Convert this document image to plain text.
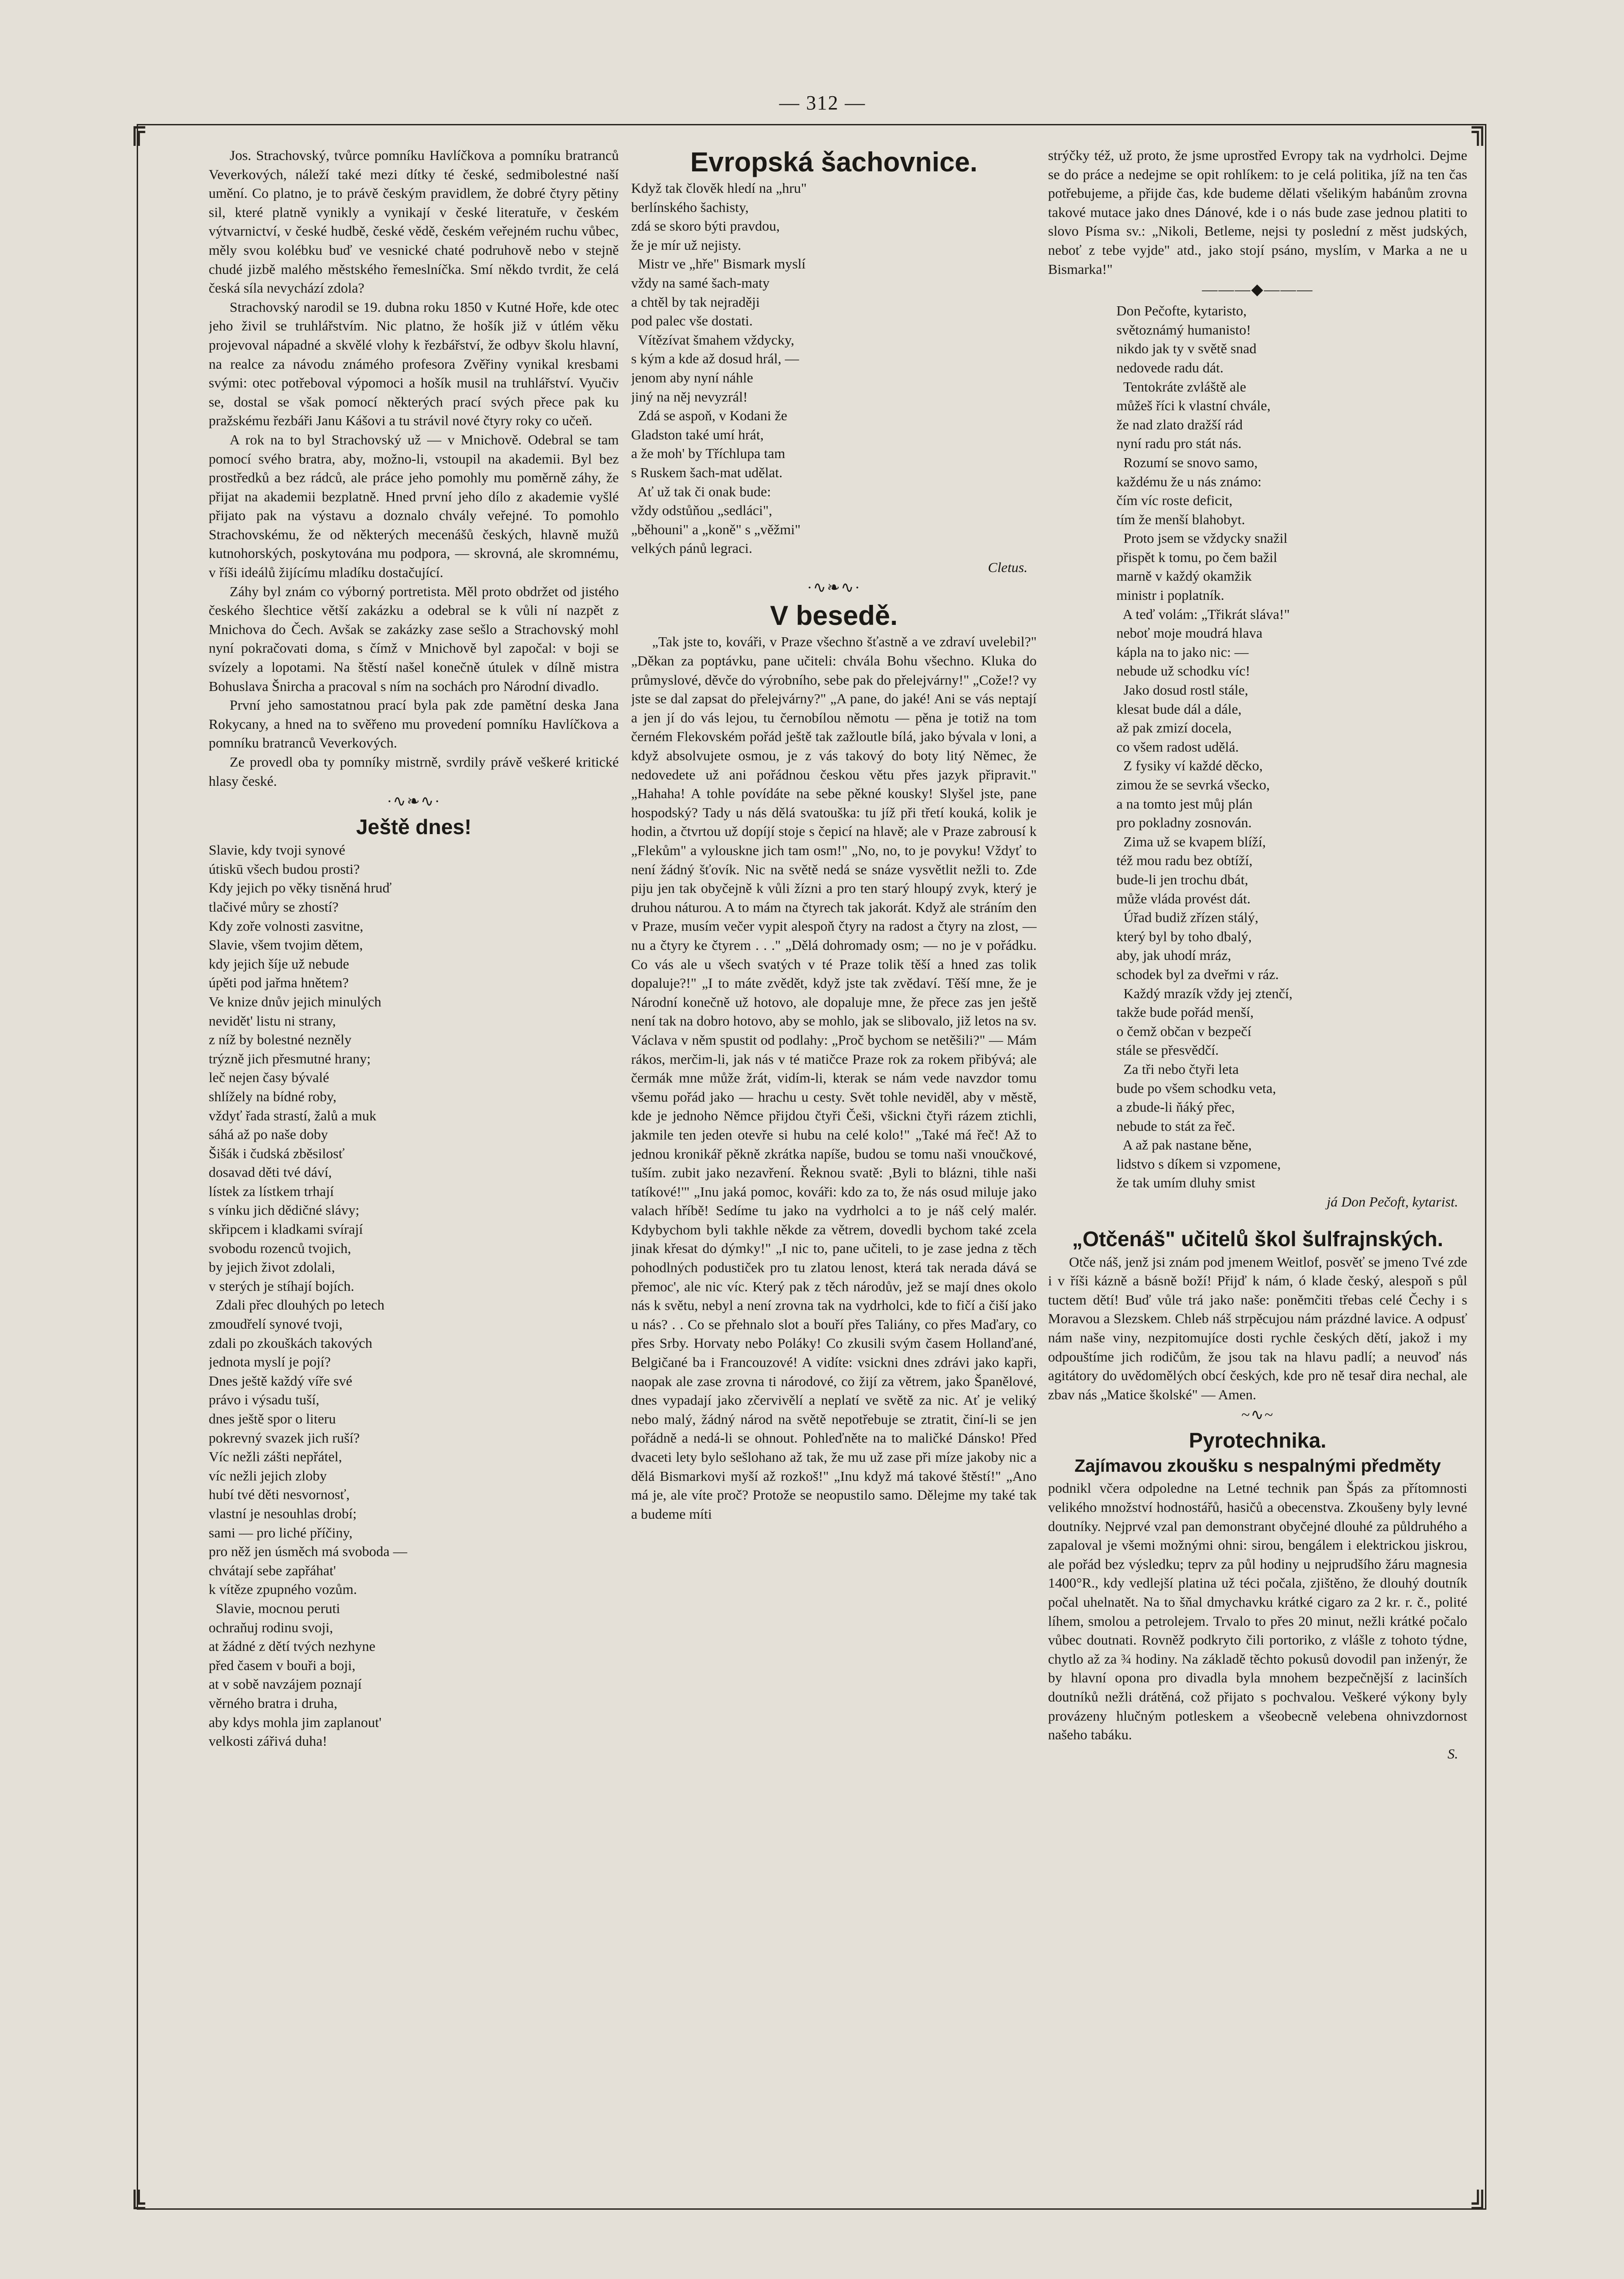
— 312 —
╔	╗
╚	╝

Jos. Strachovský, tvůrce pomníku Havlíčkova a pomníku bratranců Veverkových, náleží také mezi dítky té české, sedmibolestné naší umění. Co platno, je to právě českým pravidlem, že dobré čtyry pětiny sil, které platně vynikly a vynikají v české literatuře, v českém výtvarnictví, v české hudbě, české vědě, českém veřejném ruchu vůbec, měly svou kolébku buď ve vesnické chaté podruhově nebo v stejně chudé jizbě malého městského řemeslníčka. Smí někdo tvrdit, že celá česká síla nevychází zdola?

Strachovský narodil se 19. dubna roku 1850 v Kutné Hoře, kde otec jeho živil se truhlářstvím. Nic platno, že hošík již v útlém věku projevoval nápadné a skvělé vlohy k řezbářství, že odbyv školu hlavní, na realce za návodu známého profesora Zvěřiny vynikal kresbami svými: otec potřeboval výpomoci a hošík musil na truhlářství. Vyučiv se, dostal se však pomocí některých prací svých přece pak ku pražskému řezbáři Janu Kášovi a tu strávil nové čtyry roky co učeň.

A rok na to byl Strachovský už — v Mnichově. Odebral se tam pomocí svého bratra, aby, možno-li, vstoupil na akademii. Byl bez prostředků a bez rádců, ale práce jeho pomohly mu poměrně záhy, že přijat na akademii bezplatně. Hned první jeho dílo z akademie vyšlé přijato pak na výstavu a doznalo chvály veřejné. To pomohlo Strachovskému, že od některých mecenášů českých, hlavně mužů kutnohorských, poskytována mu podpora, — skrovná, ale skromnému, v říši ideálů žijícímu mladíku dostačující.

Záhy byl znám co výborný portretista. Měl proto obdržet od jistého českého šlechtice větší zakázku a odebral se k vůli ní nazpět z Mnichova do Čech. Avšak se zakázky zase sešlo a Strachovský mohl nyní pokračovati doma, s čímž v Mnichově byl započal: v boji se svízely a lopotami. Na štěstí našel konečně útulek v dílně mistra Bohuslava Šnircha a pracoval s ním na sochách pro Národní divadlo.

První jeho samostatnou prací byla pak zde pamětní deska Jana Rokycany, a hned na to svěřeno mu provedení pomníku Havlíčkova a pomníku bratranců Veverkových.

Ze provedl oba ty pomníky mistrně, svrdily právě veškeré kritické hlasy české.

·∿❧∿·
Ještě dnes!
Slavie, kdy tvoji synové
útiskū všech budou prosti?
Kdy jejich po věky tisněná hruď
tlačivé můry se zhostí?
Kdy zoře volnosti zasvitne,
Slavie, všem tvojim dětem,
kdy jejich šíje už nebude
úpěti pod jařma hnětem?
Ve knize dnův jejich minulých
nevidět' listu ni strany,
z níž by bolestné nezněly
trýzně jich přesmutné hrany;
leč nejen časy bývalé
shlížely na bídné roby,
vždyť řada strastí, žalů a muk
sáhá až po naše doby
Šišák i čudská zběsilosť
dosavad děti tvé dáví,
lístek za lístkem trhají
s vínku jich dědičné slávy;
skřipcem i kladkami svírají
svobodu rozenců tvojich,
by jejich život zdolali,
v sterých je stíhají bojích.
Zdali přec dlouhých po letech
zmoudřelí synové tvoji,
zdali po zkouškách takových
jednota myslí je pojí?
Dnes ještě každý víře své
právo i výsadu tuší,
dnes ještě spor o literu
pokrevný svazek jich ruší?
Víc nežli zášti nepřátel,
víc nežli jejich zloby
hubí tvé děti nesvornosť,
vlastní je nesouhlas drobí;
sami — pro liché příčiny,
pro něž jen úsměch má svoboda —
chvátají sebe zapřáhat'
k vítěze zpupného vozům.
Slavie, mocnou peruti
ochraňuj rodinu svoji,
at žádné z dětí tvých nezhyne
před časem v bouři a boji,
at v sobě navzájem poznají
věrného bratra i druha,
aby kdys mohla jim zaplanout'
velkosti zářivá duha!
Evropská šachovnice.
Když tak člověk hledí na „hru"
berlínského šachisty,
zdá se skoro býti pravdou,
že je mír už nejisty.
Mistr ve „hře" Bismark myslí
vždy na samé šach-maty
a chtěl by tak nejraději
pod palec vše dostati.
Vítězívat šmahem vždycky,
s kým a kde až dosud hrál, —
jenom aby nyní náhle
jiný na něj nevyzrál!
Zdá se aspoň, v Kodani že
Gladston také umí hrát,
a že moh' by Tříchlupa tam
s Ruskem šach-mat udělat.
Ať už tak či onak bude:
vždy odstůňou „sedláci",
„běhouni" a „koně" s „věžmi"
velkých pánů legraci.
Cletus.
·∿❧∿·
V besedě.

„Tak jste to, kováři, v Praze všechno šťastně a ve zdraví uvelebil?" „Děkan za poptávku, pane učiteli: chvála Bohu všechno. Kluka do průmyslové, děvče do výrobního, sebe pak do přelejvárny!" „Cože!? vy jste se dal zapsat do přelejvárny?" „A pane, do jaké! Ani se vás neptají a jen jí do vás lejou, tu černobílou němotu — pěna je totiž na tom černém Flekovském pořád ještě tak zažloutle bílá, jako bývala v loni, a když absolvujete osmou, je z vás takový do boty litý Němec, že nedovedete už ani pořádnou českou větu přes jazyk připravit." „Hahaha! A tohle povídáte na sebe pěkné kousky! Slyšel jste, pane hospodský? Tady u nás dělá svatouška: tu jíž při třetí kouká, kolik je hodin, a čtvrtou už dopíjí stoje s čepicí na hlavě; ale v Praze zabrousí k „Flekům" a vylouskne jich tam osm!" „No, no, to je povyku! Vždyť to není žádný šťovík. Nic na světě nedá se snáze vysvětlit nežli to. Zde piju jen tak obyčejně k vůli žízni a pro ten starý hloupý zvyk, který je druhou náturou. A to mám na čtyrech tak jakorát. Když ale stráním den v Praze, musím večer vypit alespoň čtyry na radost a čtyry na zlost, — nu a čtyry ke čtyrem . . ." „Dělá dohromady osm; — no je v pořádku. Co vás ale u všech svatých v té Praze tolik těší a hned zas tolik dopaluje?!" „I to máte zvědět, když jste tak zvědaví. Těší mne, že je Národní konečně už hotovo, ale dopaluje mne, že přece zas jen ještě není tak na dobro hotovo, aby se mohlo, jak se slibovalo, již letos na sv. Václava v něm spustit od podlahy: „Proč bychom se netěšili?" — Mám rákos, merčim-li, jak nás v té matičce Praze rok za rokem přibývá; ale čermák mne může žrát, vidím-li, kterak se nám vede navzdor tomu všemu pořád jako — hrachu u cesty. Svět tohle neviděl, aby v městě, kde je jednoho Němce přijdou čtyři Češi, všickni čtyři rázem ztichli, jakmile ten jeden otevře si hubu na celé kolo!" „Také má řeč! Až to jednou kronikář pěkně zkrátka napíše, budou se tomu naši vnoučkové, tuším. zubit jako nezavření. Řeknou svatě: ,Byli to blázni, tihle naši tatíkové!'" „Inu jaká pomoc, kováři: kdo za to, že nás osud miluje jako valach hříbě! Sedíme tu jako na vydrholci a to je náš celý malér. Kdybychom byli takhle někde za větrem, dovedli bychom také zcela jinak křesat do dýmky!" „I nic to, pane učiteli, to je zase jedna z těch pohodlných podustiček pro tu zlatou lenost, která tak nerada dává se přemoc', ale nic víc. Který pak z těch národův, jež se mají dnes okolo nás k světu, nebyl a není zrovna tak na vydrholci, kde to fičí a čiší jako u nás? . . Co se přehnalo slot a bouří přes Taliány, co přes Maďary, co přes Srby. Horvaty nebo Poláky! Co zkusili svým časem Hollanďané, Belgičané ba i Francouzové! A vidíte: vsickni dnes zdrávi jako kapři, naopak ale zase zrovna ti národové, co žijí za větrem, jako Španělové, dnes vypadají jako zčervivělí a neplatí ve světě za nic. Ať je veliký nebo malý, žádný národ na světě nepotřebuje se ztratit, činí-li se jen pořádně a nedá-li se ohnout. Pohleďněte na to maličké Dánsko! Před dvaceti lety bylo sešlohano až tak, že mu už zase při míze jakoby nic a dělá Bismarkovi myší až rozkoš!" „Inu když má takové štěstí!" „Ano má je, ale víte proč? Protože se neopustilo samo. Dělejme my také tak a budeme míti

strýčky též, už proto, že jsme uprostřed Evropy tak na vydrholci. Dejme se do práce a nedejme se opit rohlíkem: to je celá politika, jíž na ten čas potřebujeme, a přijde čas, kde budeme dělati všelikým habánům zrovna takové mutace jako dnes Dánové, kde i o nás bude zase jednou platiti to slovo Písma sv.: „Nikoli, Betleme, nejsi ty poslední z měst judských, neboť z tebe vyjde" atd., jako stojí psáno, myslím, v Marka a ne u Bismarka!"

———◆———
Don Pečofte, kytaristo,
světoznámý humanisto!
nikdo jak ty v světě snad
nedovede radu dát.
Tentokráte zvláště ale
můžeš říci k vlastní chvále,
že nad zlato dražší rád
nyní radu pro stát nás.
Rozumí se snovo samo,
každému že u nás známo:
čím víc roste deficit,
tím že menší blahobyt.
Proto jsem se vždycky snažil
přispět k tomu, po čem bažil
marně v každý okamžik
ministr i poplatník.
A teď volám: „Třikrát sláva!"
neboť moje moudrá hlava
kápla na to jako nic: —
nebude už schodku víc!
Jako dosud rostl stále,
klesat bude dál a dále,
až pak zmizí docela,
co všem radost udělá.
Z fysiky ví každé děcko,
zimou že se sevrká všecko,
a na tomto jest můj plán
pro pokladny zosnován.
Zima už se kvapem blíží,
též mou radu bez obtíží,
bude-li jen trochu dbát,
může vláda provést dát.
Úřad budiž zřízen stálý,
který byl by toho dbalý,
aby, jak uhodí mráz,
schodek byl za dveřmi v ráz.
Každý mrazík vždy jej ztenčí,
takže bude pořád menší,
o čemž občan v bezpečí
stále se přesvědčí.
Za tři nebo čtyři leta
bude po všem schodku veta,
a zbude-li ňáký přec,
nebude to stát za řeč.
A až pak nastane běne,
lidstvo s díkem si vzpomene,
že tak umím dluhy smist
já Don Pečoft, kytarist.
„Otčenáš" učitelů škol šulfrajnských.

Otče náš, jenž jsi znám pod jmenem Weitlof, posvěť se jmeno Tvé zde i v říši kázně a básně boží! Přijď k nám, ó klade český, alespoň s půl tuctem dětí! Buď vůle trá jako naše: poněmčiti třebas celé Čechy i s Moravou a Slezskem. Chleb náš strpěcujou nám prázdné lavice. A odpusť nám naše viny, nezpitomujíce dosti rychle českých dětí, jakož i my odpouštíme jich rodičům, že jsou tak na hlavu padlí; a neuvoď nás agitátory do uvědomělých obcí českých, kde pro ně tesař dira nechal, ale zbav nás „Matice školské" — Amen.

~∿~
Pyrotechnika.
Zajímavou zkoušku s nespalnými předměty

podnikl včera odpoledne na Letné technik pan Špás za přítomnosti velikého množství hodnostářů, hasičů a obecenstva. Zkoušeny byly levné doutníky. Nejprvé vzal pan demonstrant obyčejné dlouhé za půldruhého a zapaloval je všemi možnými ohni: sirou, bengálem i elektrickou jiskrou, ale pořád bez výsledku; teprv za půl hodiny u nejprudšího žáru magnesia 1400°R., kdy vedlejší platina už téci počala, zjištěno, že dlouhý doutník počal uhelnatět. Na to šňal dmychavku krátké cigaro za 2 kr. r. č., polité líhem, smolou a petrolejem. Trvalo to přes 20 minut, nežli krátké počalo vůbec doutnati. Rovněž podkryto čili portoriko, z vlášle z tohoto týdne, chytlo až za ¾ hodiny. Na základě těchto pokusů dovodil pan inženýr, že by hlavní opona pro divadla byla mnohem bezpečnější z lacinších doutníků nežli drátěná, což přijato s pochvalou. Veškeré výkony byly provázeny hlučným potleskem a všeobecně velebena ohnivzdornost našeho tabáku.

S.
